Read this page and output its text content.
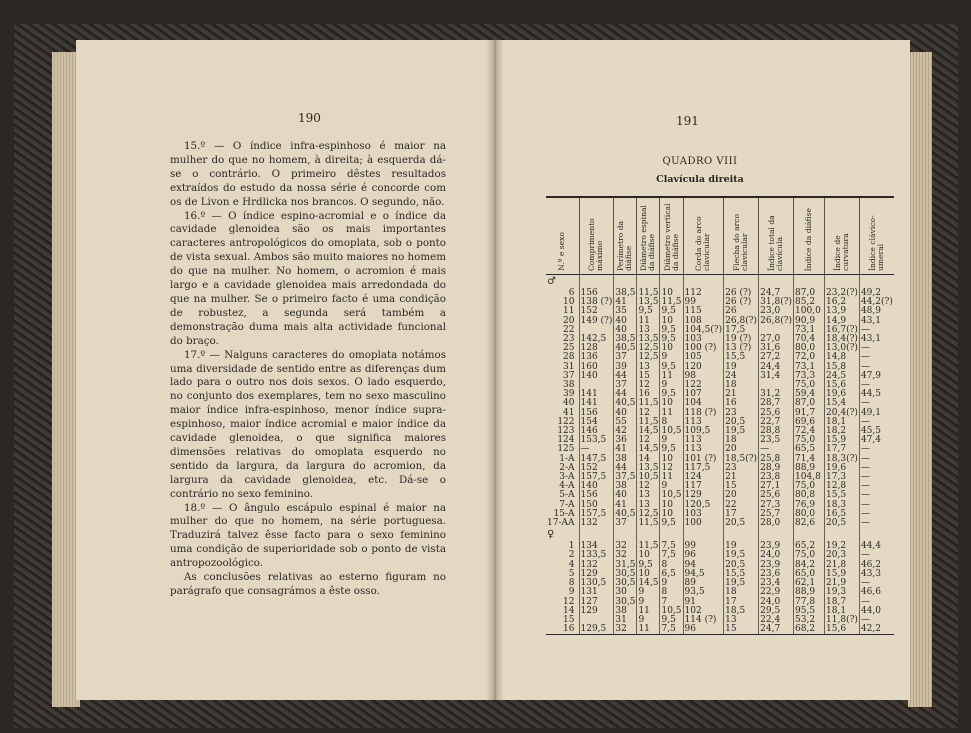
190

15.º — O índice infra-espinhoso é maior na mulher do que no homem, à direita; à esquerda dá-se o contrário. O primeiro dêstes resultados extraídos do estudo da nossa série é concorde com os de Livon e Hrdlicka nos brancos. O segundo, não.

16.º — O índice espino-acromial e o índice da cavidade glenoidea são os mais importantes caracteres antropológicos do omoplata, sob o ponto de vista sexual. Ambos são muito maiores no homem do que na mulher. No homem, o acromion é mais largo e a cavidade glenoidea mais arredondada do que na mulher. Se o primeiro facto é uma condição de robustez, a segunda será também a demonstração duma mais alta actividade funcional do braço.

17.º — Nalguns caracteres do omoplata notámos uma diversidade de sentido entre as diferenças dum lado para o outro nos dois sexos. O lado esquerdo, no conjunto dos exemplares, tem no sexo masculino maior índice infra-espinhoso, menor índice supra-espinhoso, maior índice acromial e maior índice da cavidade glenoidea, o que significa maiores dimensões relativas do omoplata esquerdo no sentido da largura, da largura do acromion, da largura da cavidade glenoidea, etc. Dá-se o contrário no sexo feminino.

18.º — O ângulo escápulo espinal é maior na mulher do que no homem, na série portuguesa. Traduzirá talvez êsse facto para o sexo feminino uma condição de superioridade sob o ponto de vista antropozoológico.

As conclusões relativas ao esterno figuram no parágrafo que consagrámos a êste osso.

191
QUADRO VIII
Clavícula direita
N.º e sexo	Comprimento máximo	Perímetro da diáfise	Diâmetro espinal da diáfise	Diâmetro vertical da diáfise	Corda do arco clavicular	Flecha do arco clavicular	Índice total da clavícula	Índice da diáfise	Índice de curvatura	Índice clávico-umeral

♂										
6	156	38,5	11,5	10	112	26 (?)	24,7	87,0	23,2(?)	49,2
10	138 (?)	41	13,5	11,5	99	26 (?)	31,8(?)	85,2	16,2	44,2(?)
11	152	35	9,5	9,5	115	26	23,0	100,0	13,9	48,9
20	149 (?)	40	11	10	108	26,8(?)	26,8(?)	90,9	14,9	43,1
22		40	13	9,5	104,5(?)	17,5		73,1	16,7(?)	—
23	142,5	38,5	13,5	9,5	103	19 (?)	27,0	70,4	18,4(?)	43,1
25	128	40,5	12,5	10	100 (?)	13 (?)	31,6	80,0	13,0(?)	—
28	136	37	12,5	9	105	15,5	27,2	72,0	14,8	—
31	160	39	13	9,5	120	19	24,4	73,1	15,8	—
37	140	44	15	11	98	24	31,4	73,3	24,5	47,9
38		37	12	9	122	18		75,0	15,6	—
39	141	44	16	9,5	107	21	31,2	59,4	19,6	44,5
40	141	40,5	11,5	10	104	16	28,7	87,0	15,4	—
41	156	40	12	11	118 (?)	23	25,6	91,7	20,4(?)	49,1
122	154	55	11,5	8	113	20,5	22,7	69,6	18,1	—
123	146	42	14,5	10,5	109,5	19,5	28,8	72,4	18,2	45,5
124	153,5	36	12	9	113	18	23,5	75,0	15,9	47,4
125	—	41	14,5	9,5	113	20	—	65,5	17,7	—
1-A	147,5	38	14	10	101 (?)	18,5(?)	25,8	71,4	18,3(?)	—
2-A	152	44	13,5	12	117,5	23	28,9	88,9	19,6	—
3-A	157,5	37,5	10,5	11	124	21	23,8	104,8	17,3	—
4-A	140	38	12	9	117	15	27,1	75,0	12,8	—
5-A	156	40	13	10,5	129	20	25,6	80,8	15,5	—
7-A	150	41	13	10	120,5	22	27,3	76,9	18,3	—
15-A	157,5	40,5	12,5	10	103	17	25,7	80,0	16,5	—
17-AA	132	37	11,5	9,5	100	20,5	28,0	82,6	20,5	—
♀										
1	134	32	11,5	7,5	99	19	23,9	65,2	19,2	44,4
2	133,5	32	10	7,5	96	19,5	24,0	75,0	20,3	—
4	132	31,5	9,5	8	94	20,5	23,9	84,2	21,8	46,2
5	129	30,5	10	6,5	94,5	15,5	23,6	65,0	15,9	43,3
8	130,5	30,5	14,5	9	89	19,5	23,4	62,1	21,9	—
9	131	30	9	8	93,5	18	22,9	88,9	19,3	46,6
12	127	30,5	9	7	91	17	24,0	77,8	18,7	—
14	129	38	11	10,5	102	18,5	29,5	95,5	18,1	44,0
15		31	9	9,5	114 (?)	13	22,4	53,2	11,8(?)	—
16	129,5	32	11	7,5	96	15	24,7	68,2	15,6	42,2
